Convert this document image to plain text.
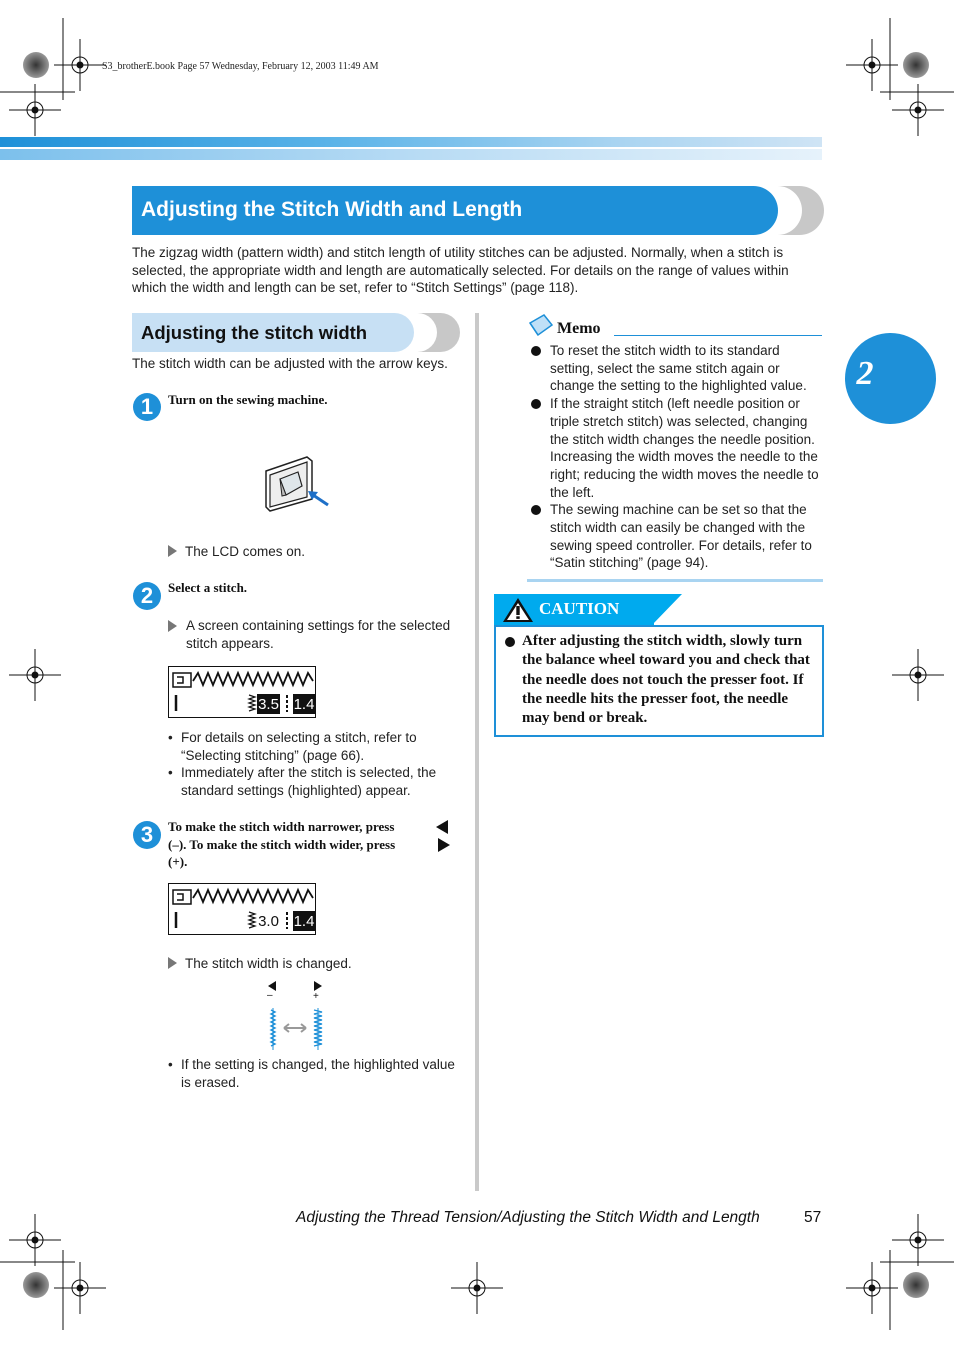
S3_brotherE.book Page 57 Wednesday, February 12, 2003 11:49 AM
2
Adjusting the Stitch Width and Length
The zigzag width (pattern width) and stitch length of utility stitches can be adjusted. Normally, when a stitch is selected, the appropriate width and length are automatically selected. For details on the range of values within which the width and length can be set, refer to “Stitch Settings” (page 118).
Adjusting the stitch width
The stitch width can be adjusted with the arrow keys.
1	Turn on the sewing machine.
The LCD comes on.
2	Select a stitch.
A screen containing settings for the selected stitch appears.
3.5 1.4
• For details on selecting a stitch, refer to “Selecting stitching” (page 66).
• Immediately after the stitch is selected, the standard settings (highlighted) appear.
3	To make the stitch width narrower, press
(–). To make the stitch width wider, press
(+).
3.0 1.4
The stitch width is changed.
–	+
• If the setting is changed, the highlighted value is erased.
Memo
To reset the stitch width to its standard setting, select the same stitch again or change the setting to the highlighted value.
If the straight stitch (left needle position or triple stretch stitch) was selected, changing the stitch width changes the needle position. Increasing the width moves the needle to the right; reducing the width moves the needle to the left.
The sewing machine can be set so that the stitch width can easily be changed with the sewing speed controller. For details, refer to “Satin stitching” (page 94).
CAUTION
After adjusting the stitch width, slowly turn the balance wheel toward you and check that the needle does not touch the presser foot. If the needle hits the presser foot, the needle may bend or break.
Adjusting the Thread Tension/Adjusting the Stitch Width and Length	57
